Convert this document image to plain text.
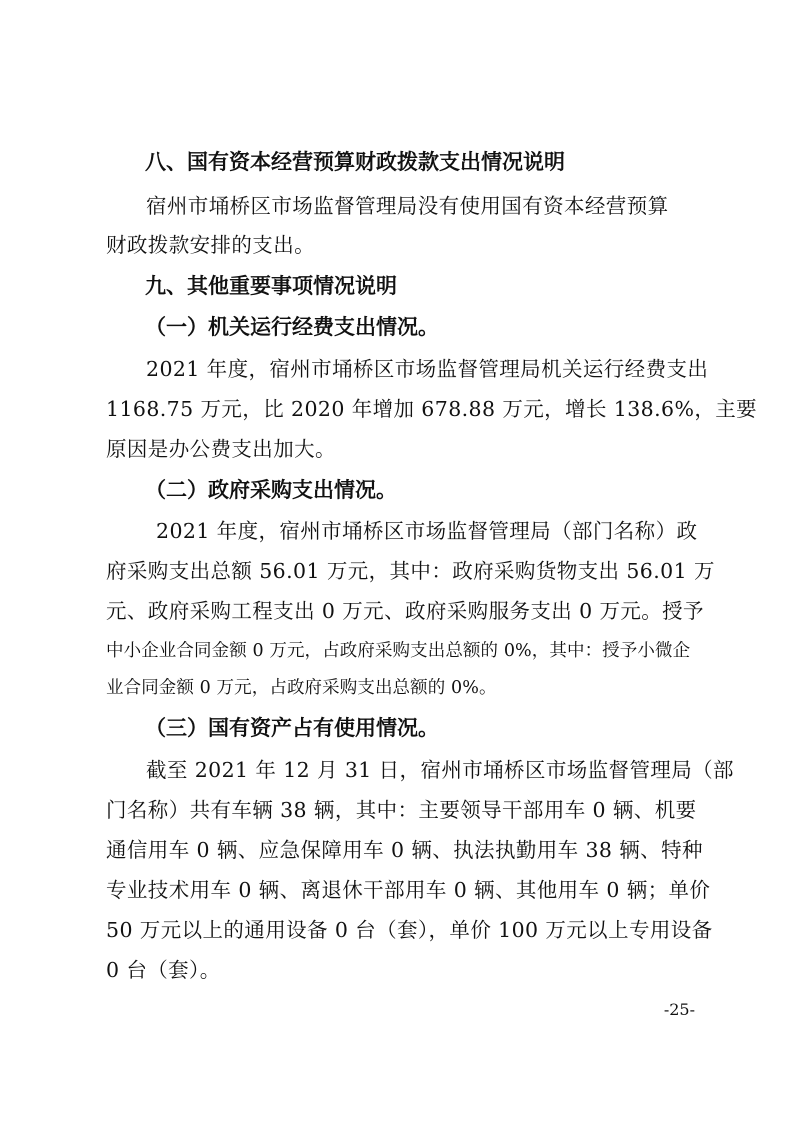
八、国有资本经营预算财政拨款支出情况说明
宿州市埇桥区市场监督管理局没有使用国有资本经营预算
财政拨款安排的支出。
九、其他重要事项情况说明
（一）机关运行经费支出情况。
2021 年度，宿州市埇桥区市场监督管理局机关运行经费支出
1168.75 万元，比 2020 年增加 678.88 万元，增长 138.6%，主要
原因是办公费支出加大。
（二）政府采购支出情况。
2021 年度，宿州市埇桥区市场监督管理局（部门名称）政
府采购支出总额 56.01 万元，其中：政府采购货物支出 56.01 万
元、政府采购工程支出 0 万元、政府采购服务支出 0 万元。授予
中小企业合同金额 0 万元，占政府采购支出总额的 0%，其中：授予小微企
业合同金额 0 万元，占政府采购支出总额的 0%。
（三）国有资产占有使用情况。
截至 2021 年 12 月 31 日，宿州市埇桥区市场监督管理局（部
门名称）共有车辆 38 辆，其中：主要领导干部用车 0 辆、机要
通信用车 0 辆、应急保障用车 0 辆、执法执勤用车 38 辆、特种
专业技术用车 0 辆、离退休干部用车 0 辆、其他用车 0 辆；单价
50 万元以上的通用设备 0 台（套），单价 100 万元以上专用设备
0 台（套）。
-25-
